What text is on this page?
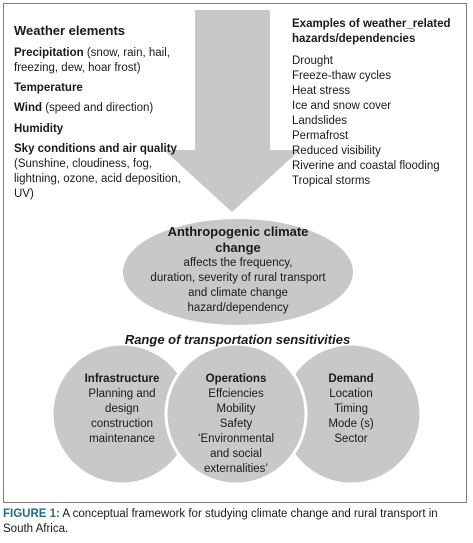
Weather elements
Precipitation (snow, rain, hail,
freezing, dew, hoar frost)
Temperature
Wind (speed and direction)
Humidity
Sky conditions and air quality
(Sunshine, cloudiness, fog,
lightning, ozone, acid deposition,
UV)
Examples of weather_related
hazards/dependencies
Drought
Freeze-thaw cycles
Heat stress
Ice and snow cover
Landslides
Permafrost
Reduced visibility
Riverine and coastal flooding
Tropical storms
Anthropogenic climate
change
affects the frequency,
duration, severity of rural transport
and climate change
hazard/dependency
Range of transportation sensitivities
Infrastructure
Planning and
design
construction
maintenance
Operations
Effciencies
Mobility
Safety
‘Environmental
and social
externalities’
Demand
Location
Timing
Mode (s)
Sector
FIGURE 1: A conceptual framework for studying climate change and rural transport in South Africa.
